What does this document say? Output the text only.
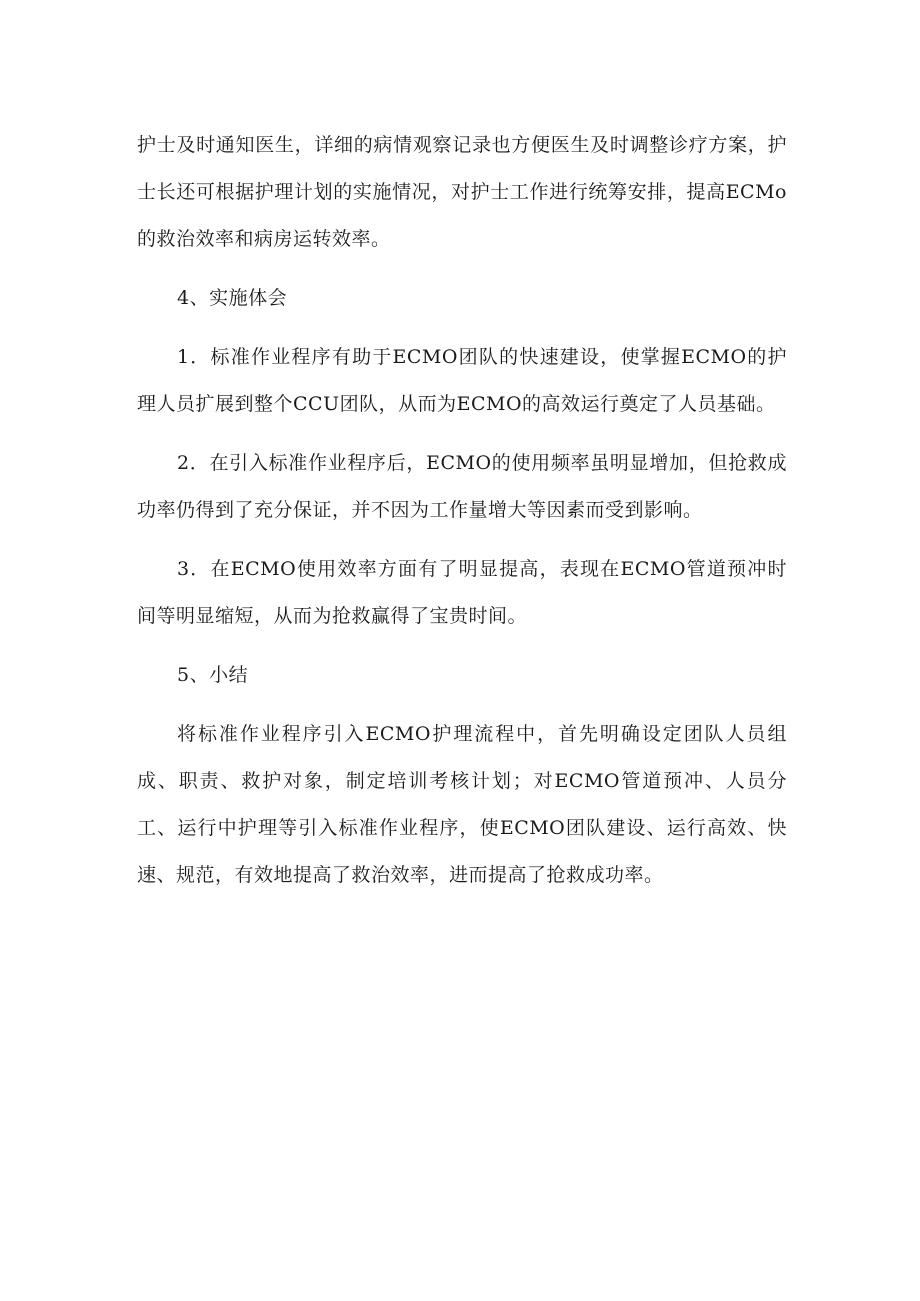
护士及时通知医生，详细的病情观察记录也方便医生及时调整诊疗方案，护士长还可根据护理计划的实施情况，对护士工作进行统筹安排，提高ECMo的救治效率和病房运转效率。

4、实施体会

1．标准作业程序有助于ECMO团队的快速建设，使掌握ECMO的护理人员扩展到整个CCU团队，从而为ECMO的高效运行奠定了人员基础。

2．在引入标准作业程序后，ECMO的使用频率虽明显增加，但抢救成功率仍得到了充分保证，并不因为工作量增大等因素而受到影响。

3．在ECMO使用效率方面有了明显提高，表现在ECMO管道预冲时间等明显缩短，从而为抢救赢得了宝贵时间。

5、小结

将标准作业程序引入ECMO护理流程中，首先明确设定团队人员组成、职责、救护对象，制定培训考核计划；对ECMO管道预冲、人员分工、运行中护理等引入标准作业程序，使ECMO团队建设、运行高效、快速、规范，有效地提高了救治效率，进而提高了抢救成功率。
